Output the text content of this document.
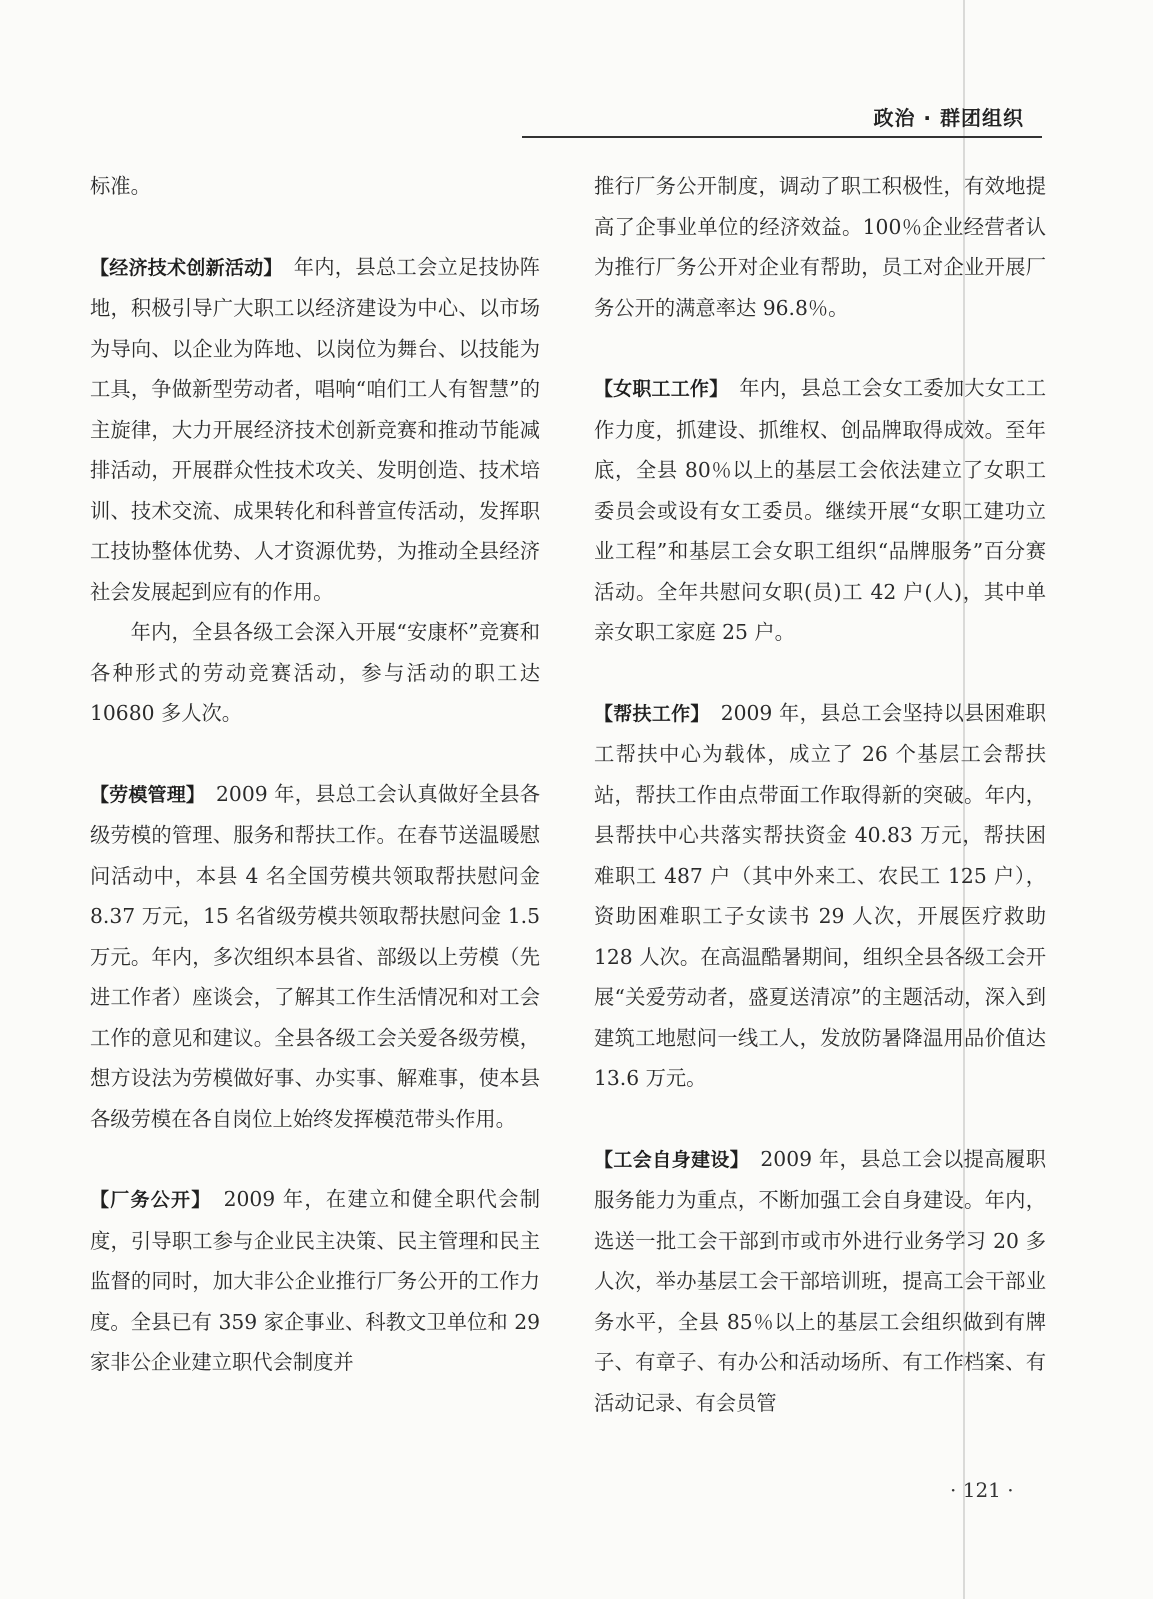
政治 · 群团组织

标准。

【经济技术创新活动】　 年内，县总工会立足技协阵地，积极引导广大职工以经济建设为中心、以市场为导向、以企业为阵地、以岗位为舞台、以技能为工具，争做新型劳动者，唱响“咱们工人有智慧”的主旋律，大力开展经济技术创新竞赛和推动节能减排活动，开展群众性技术攻关、发明创造、技术培训、技术交流、成果转化和科普宣传活动，发挥职工技协整体优势、人才资源优势，为推动全县经济社会发展起到应有的作用。

年内，全县各级工会深入开展“安康杯”竞赛和各种形式的劳动竞赛活动，参与活动的职工达 10680 多人次。

【劳模管理】　 2009 年，县总工会认真做好全县各级劳模的管理、服务和帮扶工作。在春节送温暖慰问活动中，本县 4 名全国劳模共领取帮扶慰问金 8.37 万元，15 名省级劳模共领取帮扶慰问金 1.5 万元。年内，多次组织本县省、部级以上劳模（先进工作者）座谈会，了解其工作生活情况和对工会工作的意见和建议。全县各级工会关爱各级劳模，想方设法为劳模做好事、办实事、解难事，使本县各级劳模在各自岗位上始终发挥模范带头作用。

【厂务公开】　 2009 年，在建立和健全职代会制度，引导职工参与企业民主决策、民主管理和民主监督的同时，加大非公企业推行厂务公开的工作力度。全县已有 359 家企事业、科教文卫单位和 29 家非公企业建立职代会制度并

推行厂务公开制度，调动了职工积极性，有效地提高了企事业单位的经济效益。100％企业经营者认为推行厂务公开对企业有帮助，员工对企业开展厂务公开的满意率达 96.8％。

【女职工工作】　 年内，县总工会女工委加大女工工作力度，抓建设、抓维权、创品牌取得成效。至年底，全县 80％以上的基层工会依法建立了女职工委员会或设有女工委员。继续开展“女职工建功立业工程”和基层工会女职工组织“品牌服务”百分赛活动。全年共慰问女职(员)工 42 户(人)，其中单亲女职工家庭 25 户。

【帮扶工作】　 2009 年，县总工会坚持以县困难职工帮扶中心为载体，成立了 26 个基层工会帮扶站，帮扶工作由点带面工作取得新的突破。年内，县帮扶中心共落实帮扶资金 40.83 万元，帮扶困难职工 487 户（其中外来工、农民工 125 户），资助困难职工子女读书 29 人次，开展医疗救助 128 人次。在高温酷暑期间，组织全县各级工会开展“关爱劳动者，盛夏送清凉”的主题活动，深入到建筑工地慰问一线工人，发放防暑降温用品价值达 13.6 万元。

【工会自身建设】　 2009 年，县总工会以提高履职服务能力为重点，不断加强工会自身建设。年内，选送一批工会干部到市或市外进行业务学习 20 多人次，举办基层工会干部培训班，提高工会干部业务水平，全县 85％以上的基层工会组织做到有牌子、有章子、有办公和活动场所、有工作档案、有活动记录、有会员管

· 121 ·
